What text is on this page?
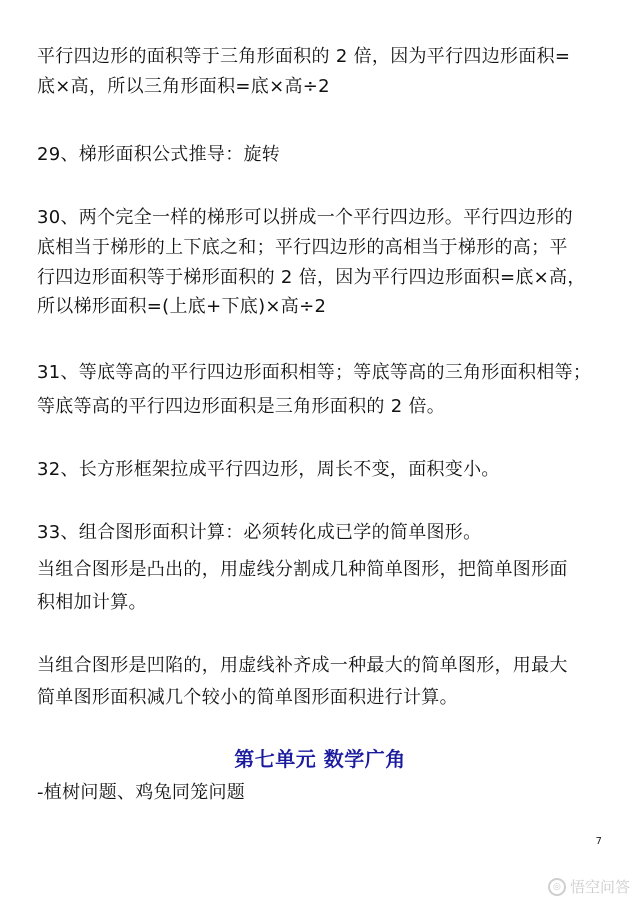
平行四边形的面积等于三角形面积的 2 倍，因为平行四边形面积=
底×高，所以三角形面积=底×高÷2
29、梯形面积公式推导：旋转
30、两个完全一样的梯形可以拼成一个平行四边形。平行四边形的
底相当于梯形的上下底之和；平行四边形的高相当于梯形的高；平
行四边形面积等于梯形面积的 2 倍，因为平行四边形面积=底×高，
所以梯形面积=(上底+下底)×高÷2
31、等底等高的平行四边形面积相等；等底等高的三角形面积相等；
等底等高的平行四边形面积是三角形面积的 2 倍。
32、长方形框架拉成平行四边形，周长不变，面积变小。
33、组合图形面积计算：必须转化成已学的简单图形。
当组合图形是凸出的，用虚线分割成几种简单图形，把简单图形面
积相加计算。
当组合图形是凹陷的，用虚线补齐成一种最大的简单图形，用最大
简单图形面积减几个较小的简单图形面积进行计算。
第七单元 数学广角
-植树问题、鸡兔同笼问题
7
◎ 悟空问答
